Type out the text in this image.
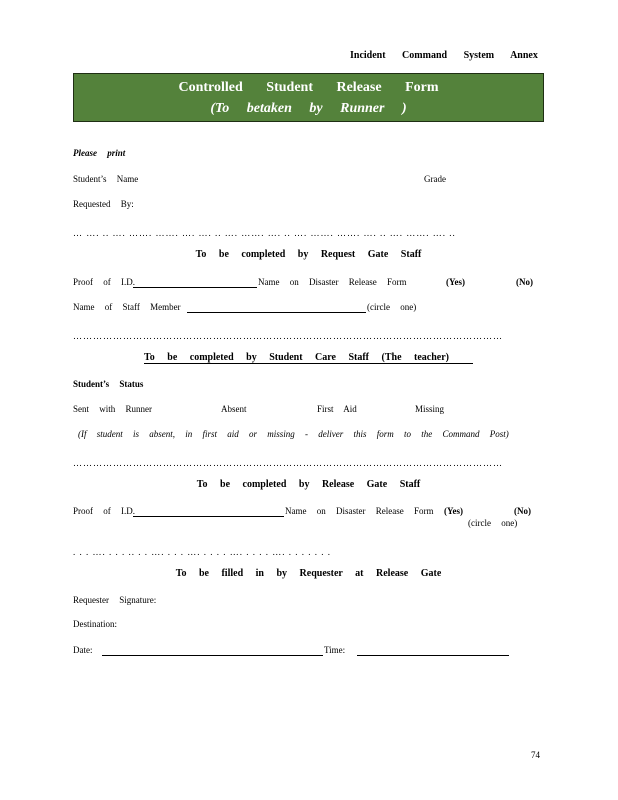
Incident Command System Annex
Controlled Student Release Form
(To betaken by Runner )
Please print
Student’s Name	Grade
Requested By:
… …. .. …. ……. ……. …. …. .. …. ……. …. .. …. ……. ……. …. .. …. ……. …. ..
To be completed by Request Gate Staff
Proof of I.D.	Name on Disaster Release Form	(Yes)	(No)
Name of Staff Member	(circle one)
…………………………………………………………………………………………………………………
To be completed by Student Care Staff (The teacher)
Student’s Status
Sent with Runner	Absent	First Aid	Missing
(If student is absent, in first aid or missing - deliver this form to the Command Post)
…………………………………………………………………………………………………………………
To be completed by Release Gate Staff
Proof of I.D.	Name on Disaster Release Form (Yes)	(No)
(circle one)
. . . …. . . . .. . . …. . . . …. . . . . …. . . . . …. . . . . . . .
To be filled in by Requester at Release Gate
Requester Signature:
Destination:
Date:	Time:
74
